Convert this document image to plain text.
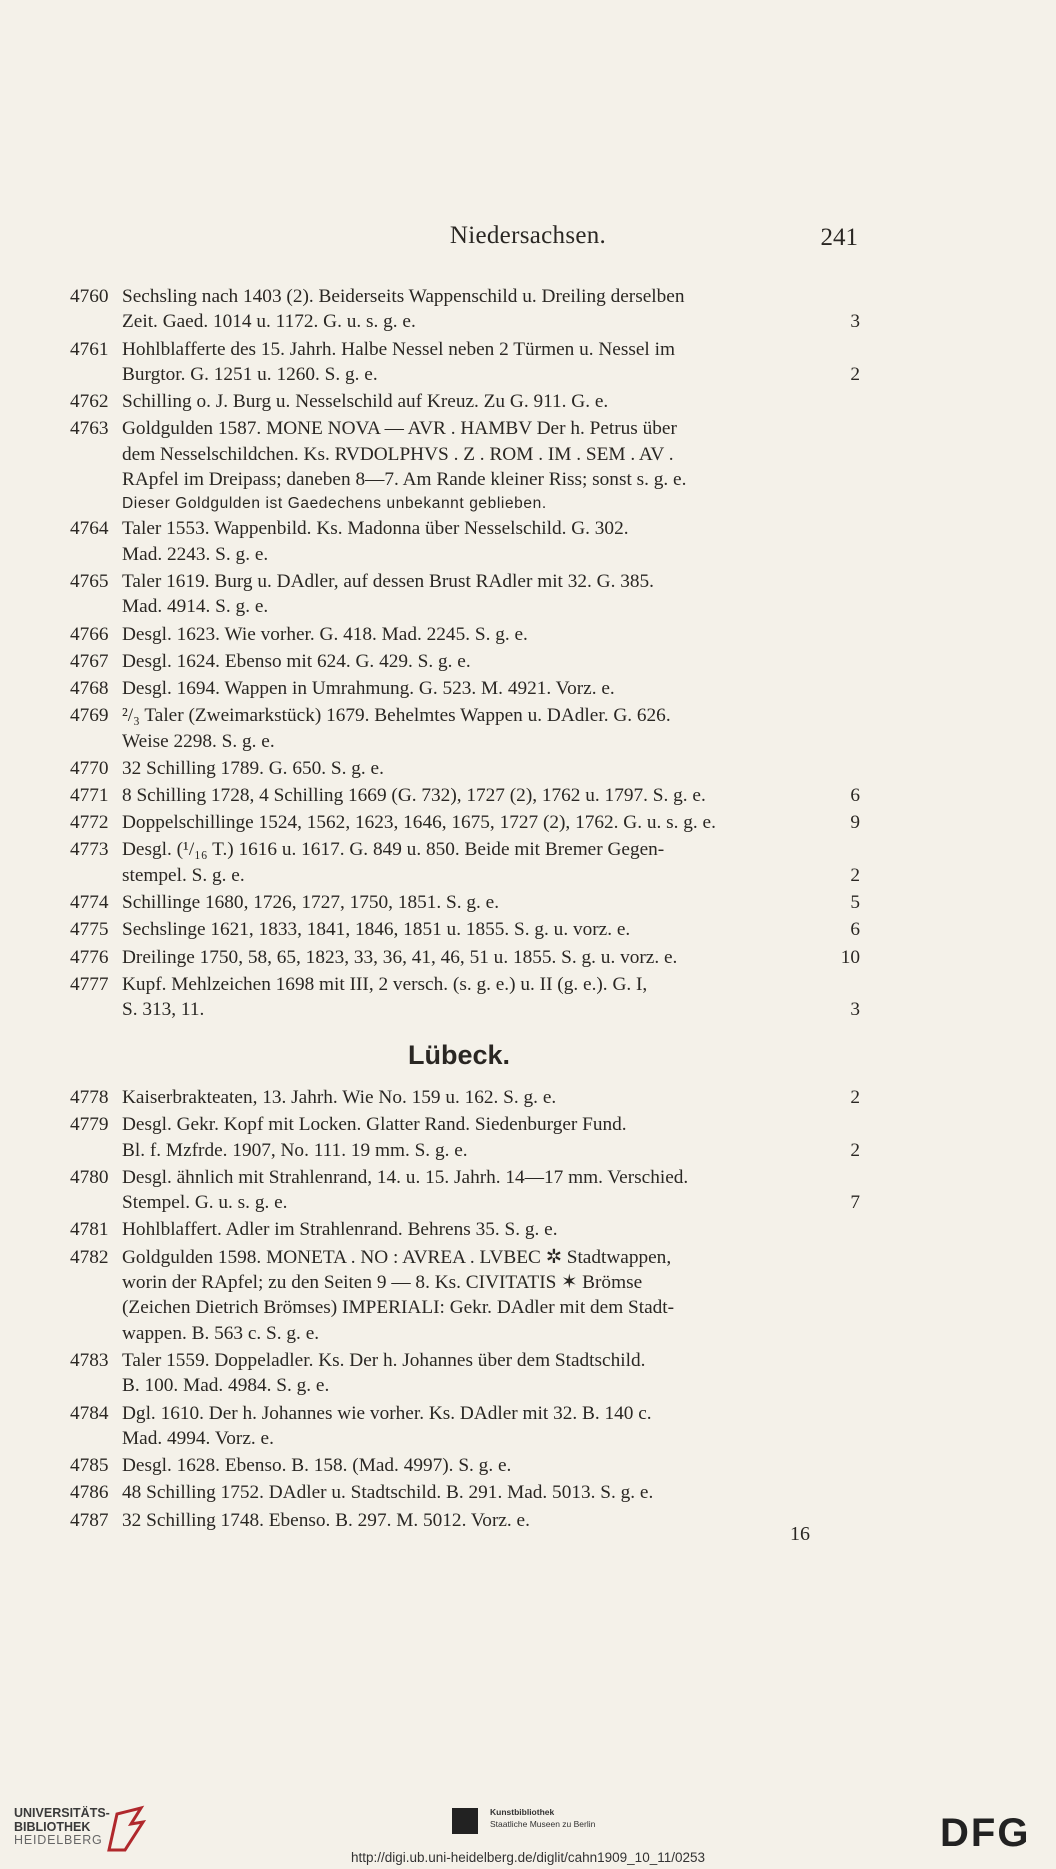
Niedersachsen.	241
4760 Sechsling nach 1403 (2). Beiderseits Wappenschild u. Dreiling derselben
Zeit. Gaed. 1014 u. 1172. G. u. s. g. e.	3
4761 Hohlblafferte des 15. Jahrh. Halbe Nessel neben 2 Türmen u. Nessel im
Burgtor. G. 1251 u. 1260. S. g. e.	2
4762 Schilling o. J. Burg u. Nesselschild auf Kreuz. Zu G. 911. G. e.
4763 Goldgulden 1587. MONE NOVA — AVR . HAMBV Der h. Petrus über
dem Nesselschildchen. Ks. RVDOLPHVS . Z . ROM . IM . SEM . AV .
RApfel im Dreipass; daneben 8—7. Am Rande kleiner Riss; sonst s. g. e.
Dieser Goldgulden ist Gaedechens unbekannt geblieben.
4764 Taler 1553. Wappenbild. Ks. Madonna über Nesselschild. G. 302.
Mad. 2243. S. g. e.
4765 Taler 1619. Burg u. DAdler, auf dessen Brust RAdler mit 32. G. 385.
Mad. 4914. S. g. e.
4766 Desgl. 1623. Wie vorher. G. 418. Mad. 2245. S. g. e.
4767 Desgl. 1624. Ebenso mit 624. G. 429. S. g. e.
4768 Desgl. 1694. Wappen in Umrahmung. G. 523. M. 4921. Vorz. e.
4769 ²/₃ Taler (Zweimarkstück) 1679. Behelmtes Wappen u. DAdler. G. 626.
Weise 2298. S. g. e.
4770 32 Schilling 1789. G. 650. S. g. e.
4771 8 Schilling 1728, 4 Schilling 1669 (G. 732), 1727 (2), 1762 u. 1797. S. g. e.	6
4772 Doppelschillinge 1524, 1562, 1623, 1646, 1675, 1727 (2), 1762. G. u. s. g. e.	9
4773 Desgl. (¹/₁₆ T.) 1616 u. 1617. G. 849 u. 850. Beide mit Bremer Gegen-
stempel. S. g. e.	2
4774 Schillinge 1680, 1726, 1727, 1750, 1851. S. g. e.	5
4775 Sechslinge 1621, 1833, 1841, 1846, 1851 u. 1855. S. g. u. vorz. e.	6
4776 Dreilinge 1750, 58, 65, 1823, 33, 36, 41, 46, 51 u. 1855. S. g. u. vorz. e.	10
4777 Kupf. Mehlzeichen 1698 mit III, 2 versch. (s. g. e.) u. II (g. e.). G. I,
S. 313, 11.	3
Lübeck.
4778 Kaiserbrakteaten, 13. Jahrh. Wie No. 159 u. 162. S. g. e.	2
4779 Desgl. Gekr. Kopf mit Locken. Glatter Rand. Siedenburger Fund.
Bl. f. Mzfrde. 1907, No. 111. 19 mm. S. g. e.	2
4780 Desgl. ähnlich mit Strahlenrand, 14. u. 15. Jahrh. 14—17 mm. Verschied.
Stempel. G. u. s. g. e.	7
4781 Hohlblaffert. Adler im Strahlenrand. Behrens 35. S. g. e.
4782 Goldgulden 1598. MONETA . NO : AVREA . LVBEC ✲ Stadtwappen,
worin der RApfel; zu den Seiten 9 — 8. Ks. CIVITATIS ✶ Brömse
(Zeichen Dietrich Brömses) IMPERIALI: Gekr. DAdler mit dem Stadt-
wappen. B. 563 c. S. g. e.
4783 Taler 1559. Doppeladler. Ks. Der h. Johannes über dem Stadtschild.
B. 100. Mad. 4984. S. g. e.
4784 Dgl. 1610. Der h. Johannes wie vorher. Ks. DAdler mit 32. B. 140 c.
Mad. 4994. Vorz. e.
4785 Desgl. 1628. Ebenso. B. 158. (Mad. 4997). S. g. e.
4786 48 Schilling 1752. DAdler u. Stadtschild. B. 291. Mad. 5013. S. g. e.
4787 32 Schilling 1748. Ebenso. B. 297. M. 5012. Vorz. e.
16
UNIVERSITÄTS-
BIBLIOTHEK
HEIDELBERG
Kunstbibliothek
Staatliche Museen zu Berlin	DFG
http://digi.ub.uni-heidelberg.de/diglit/cahn1909_10_11/0253
